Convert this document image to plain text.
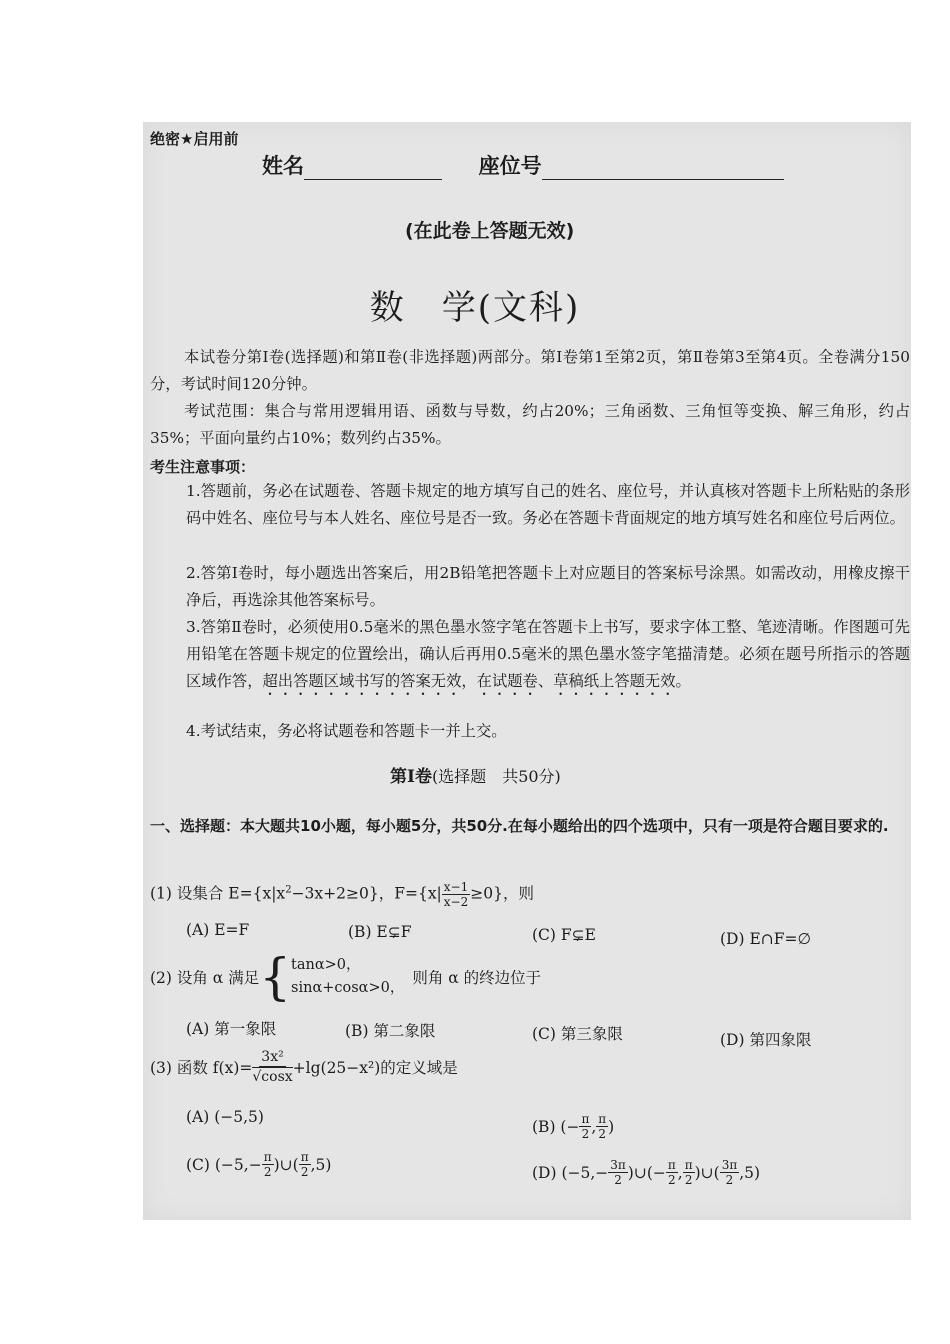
绝密★启用前
姓名	座位号
(在此卷上答题无效)
数　学(文科)
本试卷分第Ⅰ卷(选择题)和第Ⅱ卷(非选择题)两部分。第Ⅰ卷第1至第2页，第Ⅱ卷第3至第4页。全卷满分150分，考试时间120分钟。
考试范围：集合与常用逻辑用语、函数与导数，约占20%；三角函数、三角恒等变换、解三角形，约占35%；平面向量约占10%；数列约占35%。
考生注意事项：
1.答题前，务必在试题卷、答题卡规定的地方填写自己的姓名、座位号，并认真核对答题卡上所粘贴的条形码中姓名、座位号与本人姓名、座位号是否一致。务必在答题卡背面规定的地方填写姓名和座位号后两位。
2.答第Ⅰ卷时，每小题选出答案后，用2B铅笔把答题卡上对应题目的答案标号涂黑。如需改动，用橡皮擦干净后，再选涂其他答案标号。
3.答第Ⅱ卷时，必须使用0.5毫米的黑色墨水签字笔在答题卡上书写，要求字体工整、笔迹清晰。作图题可先用铅笔在答题卡规定的位置绘出，确认后再用0.5毫米的黑色墨水签字笔描清楚。必须在题号所指示的答题区域作答，超出答题区域书写的答案无效，在试题卷、草稿纸上答题无效。
4.考试结束，务必将试题卷和答题卡一并上交。
第Ⅰ卷(选择题　共50分)
一、选择题：本大题共10小题，每小题5分，共50分.在每小题给出的四个选项中，只有一项是符合题目要求的.
(1) 设集合 $E=\{x|x^2-3x+2\ge 0\}$，$F=\{x| \frac{x-1}{x-2} \ge 0\}$，则
(A) E=F	(B) E⊊F	(C) F⊊E	(D) E∩F=∅
(2) 设角 α 满足 { tanα>0，
sinα+cosα>0，
则角 α 的终边位于
(A) 第一象限	(B) 第二象限	(C) 第三象限	(D) 第四象限
(3) 函数 $f(x)= \frac{\text{3x²}}{√\cos x} +\lg(25-x^2)$的定义域是
(A) (−5,5)
(B) (− $\frac{\pi}{2}$ , $\frac{\pi}{2}$ )
(C) ($-5,- \frac{\pi}{2}$ )∪( $\frac{\pi}{2} ,5$)	(D) ($-5,- \frac{3\pi}{2}$ )∪(− $\frac{\pi}{2}$ , $\frac{\pi}{2}$ )∪( $\frac{3\pi}{2} ,5$)
